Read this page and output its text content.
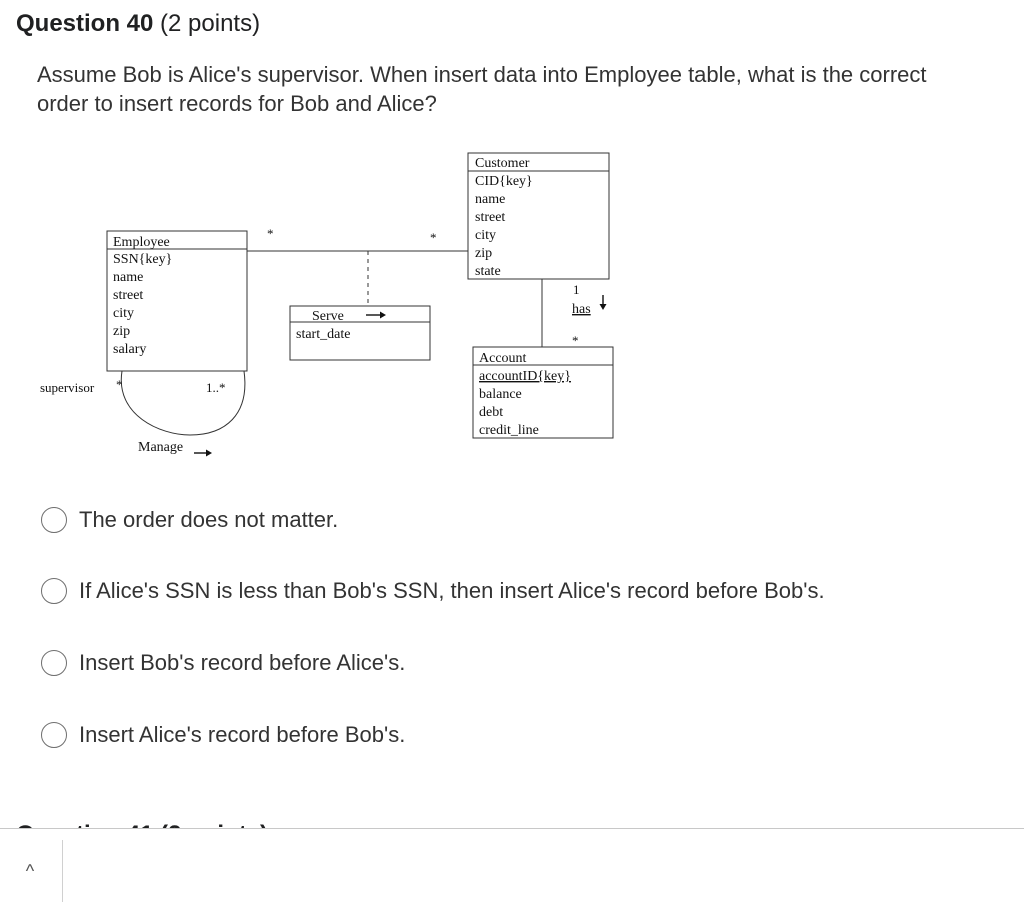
Question 40 (2 points)
Assume Bob is Alice's supervisor. When insert data into Employee table, what is the correct order to insert records for Bob and Alice?
Employee
SSN{key}
name
street
city
zip
salary
Customer
CID{key}
name
street
city
zip
state
Account
accountID{key}
balance
debt
credit_line
Serve
start_date
*	*
1
has
*
supervisor *	1..*
Manage
The order does not matter.
If Alice's SSN is less than Bob's SSN, then insert Alice's record before Bob's.
Insert Bob's record before Alice's.
Insert Alice's record before Bob's.
^
